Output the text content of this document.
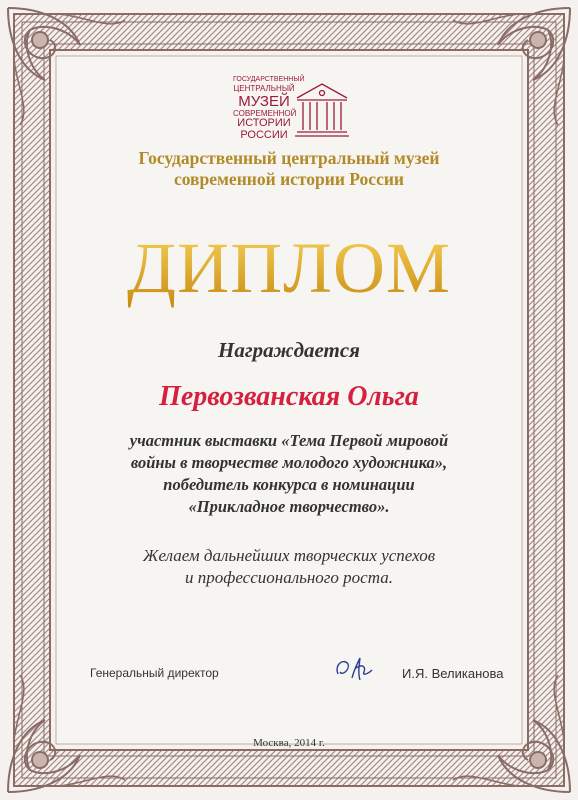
ГОСУДАРСТВЕННЫЙ
ЦЕНТРАЛЬНЫЙ
МУЗЕЙ
СОВРЕМЕННОЙ
ИСТОРИИ
РОССИИ
Государственный центральный музей
современной истории России
ДИПЛОМ
Награждается
Первозванская Ольга
участник выставки «Тема Первой мировой
войны в творчестве молодого художника»,
победитель конкурса в номинации
«Прикладное творчество».
Желаем дальнейших творческих успехов
и профессионального роста.
Генеральный директор	И.Я. Великанова
Москва, 2014 г.
